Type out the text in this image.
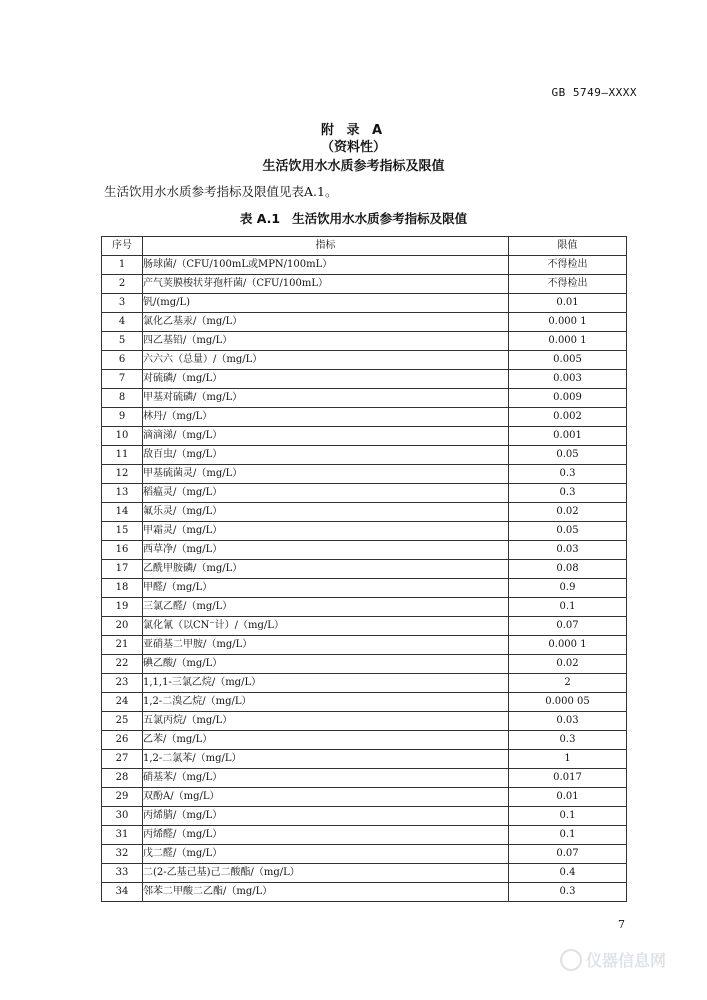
GB 5749—XXXX
附 录 A
（资料性）
生活饮用水水质参考指标及限值
生活饮用水水质参考指标及限值见表A.1。
表 A.1 生活饮用水水质参考指标及限值
序号	指标	限值
1	肠球菌/（CFU/100mL或MPN/100mL）	不得检出
2	产气荚膜梭状芽孢杆菌/（CFU/100mL）	不得检出
3	钒/(mg/L)	0.01
4	氯化乙基汞/（mg/L）	0.000 1
5	四乙基铅/（mg/L）	0.000 1
6	六六六（总量）/（mg/L）	0.005
7	对硫磷/（mg/L）	0.003
8	甲基对硫磷/（mg/L）	0.009
9	林丹/（mg/L）	0.002
10	滴滴涕/（mg/L）	0.001
11	敌百虫/（mg/L）	0.05
12	甲基硫菌灵/（mg/L）	0.3
13	稻瘟灵/（mg/L）	0.3
14	氟乐灵/（mg/L）	0.02
15	甲霜灵/（mg/L）	0.05
16	西草净/（mg/L）	0.03
17	乙酰甲胺磷/（mg/L）	0.08
18	甲醛/（mg/L）	0.9
19	三氯乙醛/（mg/L）	0.1
20	氯化氰（以CN⁻计）/（mg/L）	0.07
21	亚硝基二甲胺/（mg/L）	0.000 1
22	碘乙酸/（mg/L）	0.02
23	1,1,1-三氯乙烷/（mg/L）	2
24	1,2-二溴乙烷/（mg/L）	0.000 05
25	五氯丙烷/（mg/L）	0.03
26	乙苯/（mg/L）	0.3
27	1,2-二氯苯/（mg/L）	1
28	硝基苯/（mg/L）	0.017
29	双酚A/（mg/L）	0.01
30	丙烯腈/（mg/L）	0.1
31	丙烯醛/（mg/L）	0.1
32	戊二醛/（mg/L）	0.07
33	二(2-乙基己基)己二酸酯/（mg/L）	0.4
34	邻苯二甲酸二乙酯/（mg/L）	0.3
7
仪器信息网
